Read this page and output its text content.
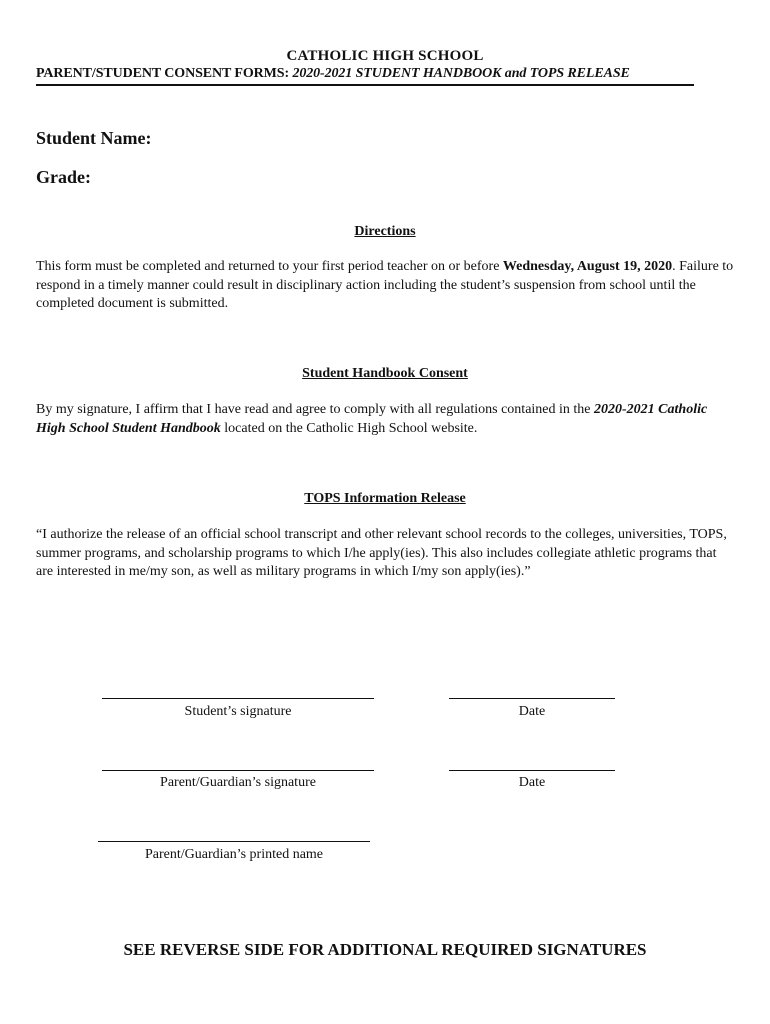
CATHOLIC HIGH SCHOOL
PARENT/STUDENT CONSENT FORMS: 2020-2021 STUDENT HANDBOOK and TOPS RELEASE
Student Name:
Grade:
Directions
This form must be completed and returned to your first period teacher on or before Wednesday, August 19, 2020. Failure to respond in a timely manner could result in disciplinary action including the student’s suspension from school until the completed document is submitted.
Student Handbook Consent
By my signature, I affirm that I have read and agree to comply with all regulations contained in the 2020-2021 Catholic High School Student Handbook located on the Catholic High School website.
TOPS Information Release
“I authorize the release of an official school transcript and other relevant school records to the colleges, universities, TOPS, summer programs, and scholarship programs to which I/he apply(ies). This also includes collegiate athletic programs that are interested in me/my son, as well as military programs in which I/my son apply(ies).”
Student’s signature	Date
Parent/Guardian’s signature	Date
Parent/Guardian’s printed name
SEE REVERSE SIDE FOR ADDITIONAL REQUIRED SIGNATURES
